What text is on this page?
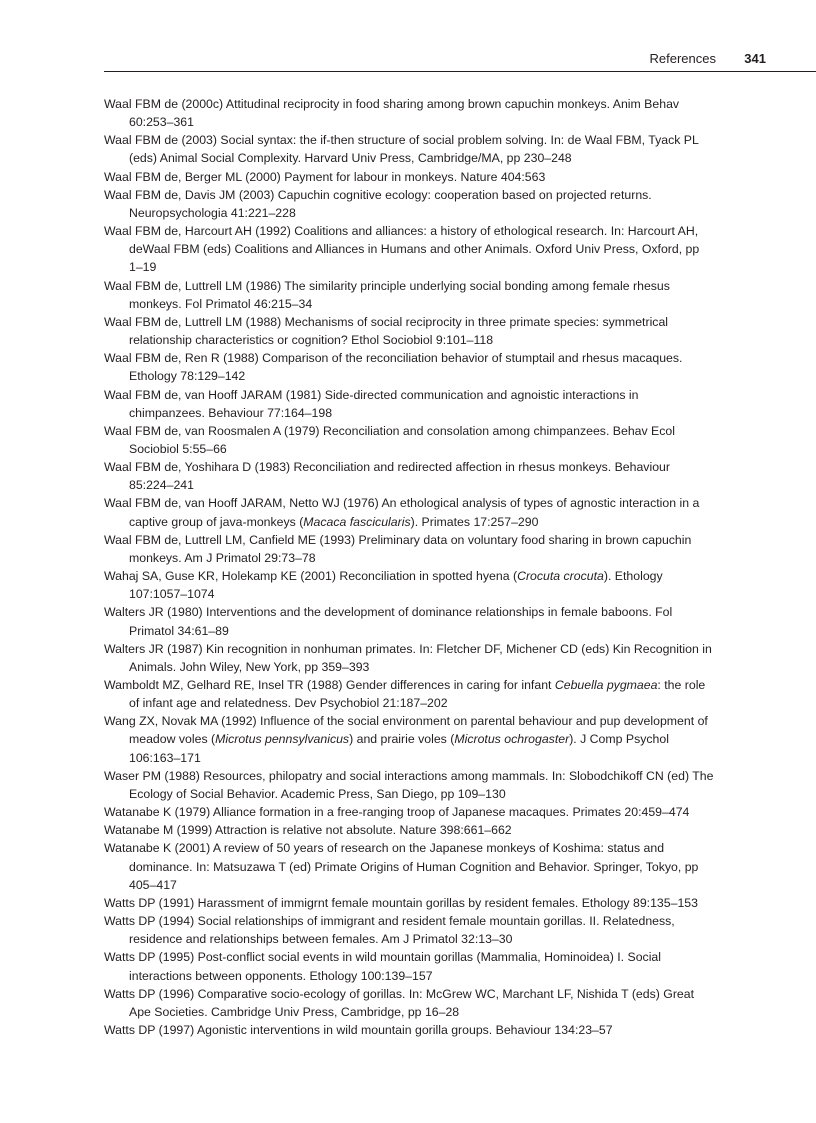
References 341
Waal FBM de (2000c) Attitudinal reciprocity in food sharing among brown capuchin monkeys. Anim Behav 60:253–361
Waal FBM de (2003) Social syntax: the if-then structure of social problem solving. In: de Waal FBM, Tyack PL (eds) Animal Social Complexity. Harvard Univ Press, Cambridge/MA, pp 230–248
Waal FBM de, Berger ML (2000) Payment for labour in monkeys. Nature 404:563
Waal FBM de, Davis JM (2003) Capuchin cognitive ecology: cooperation based on projected returns. Neuropsychologia 41:221–228
Waal FBM de, Harcourt AH (1992) Coalitions and alliances: a history of ethological research. In: Harcourt AH, deWaal FBM (eds) Coalitions and Alliances in Humans and other Animals. Oxford Univ Press, Oxford, pp 1–19
Waal FBM de, Luttrell LM (1986) The similarity principle underlying social bonding among female rhesus monkeys. Fol Primatol 46:215–34
Waal FBM de, Luttrell LM (1988) Mechanisms of social reciprocity in three primate species: symmetrical relationship characteristics or cognition? Ethol Sociobiol 9:101–118
Waal FBM de, Ren R (1988) Comparison of the reconciliation behavior of stumptail and rhesus macaques. Ethology 78:129–142
Waal FBM de, van Hooff JARAM (1981) Side-directed communication and agnoistic interactions in chimpanzees. Behaviour 77:164–198
Waal FBM de, van Roosmalen A (1979) Reconciliation and consolation among chimpanzees. Behav Ecol Sociobiol 5:55–66
Waal FBM de, Yoshihara D (1983) Reconciliation and redirected affection in rhesus monkeys. Behaviour 85:224–241
Waal FBM de, van Hooff JARAM, Netto WJ (1976) An ethological analysis of types of agnostic interaction in a captive group of java-monkeys (Macaca fascicularis). Primates 17:257–290
Waal FBM de, Luttrell LM, Canfield ME (1993) Preliminary data on voluntary food sharing in brown capuchin monkeys. Am J Primatol 29:73–78
Wahaj SA, Guse KR, Holekamp KE (2001) Reconciliation in spotted hyena (Crocuta crocuta). Ethology 107:1057–1074
Walters JR (1980) Interventions and the development of dominance relationships in female baboons. Fol Primatol 34:61–89
Walters JR (1987) Kin recognition in nonhuman primates. In: Fletcher DF, Michener CD (eds) Kin Recognition in Animals. John Wiley, New York, pp 359–393
Wamboldt MZ, Gelhard RE, Insel TR (1988) Gender differences in caring for infant Cebuella pygmaea: the role of infant age and relatedness. Dev Psychobiol 21:187–202
Wang ZX, Novak MA (1992) Influence of the social environment on parental behaviour and pup development of meadow voles (Microtus pennsylvanicus) and prairie voles (Microtus ochrogaster). J Comp Psychol 106:163–171
Waser PM (1988) Resources, philopatry and social interactions among mammals. In: Slobodchikoff CN (ed) The Ecology of Social Behavior. Academic Press, San Diego, pp 109–130
Watanabe K (1979) Alliance formation in a free-ranging troop of Japanese macaques. Primates 20:459–474
Watanabe M (1999) Attraction is relative not absolute. Nature 398:661–662
Watanabe K (2001) A review of 50 years of research on the Japanese monkeys of Koshima: status and dominance. In: Matsuzawa T (ed) Primate Origins of Human Cognition and Behavior. Springer, Tokyo, pp 405–417
Watts DP (1991) Harassment of immigrnt female mountain gorillas by resident females. Ethology 89:135–153
Watts DP (1994) Social relationships of immigrant and resident female mountain gorillas. II. Relatedness, residence and relationships between females. Am J Primatol 32:13–30
Watts DP (1995) Post-conflict social events in wild mountain gorillas (Mammalia, Hominoidea) I. Social interactions between opponents. Ethology 100:139–157
Watts DP (1996) Comparative socio-ecology of gorillas. In: McGrew WC, Marchant LF, Nishida T (eds) Great Ape Societies. Cambridge Univ Press, Cambridge, pp 16–28
Watts DP (1997) Agonistic interventions in wild mountain gorilla groups. Behaviour 134:23–57
